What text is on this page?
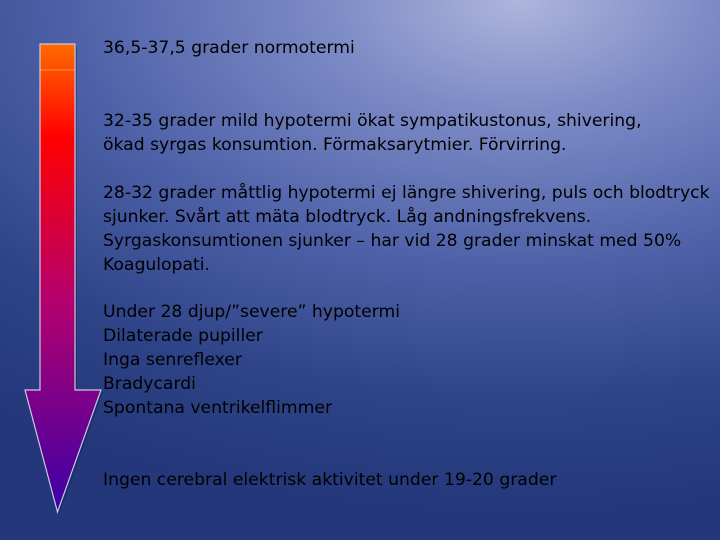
36,5-37,5 grader normotermi

32-35 grader mild hypotermi ökat sympatikustonus, shivering,
ökad syrgas konsumtion. Förmaksarytmier. Förvirring.

28-32 grader måttlig hypotermi ej längre shivering, puls och blodtryck
sjunker. Svårt att mäta blodtryck. Låg andningsfrekvens.
Syrgaskonsumtionen sjunker – har vid 28 grader minskat med 50%
Koagulopati.

Under 28 djup/”severe” hypotermi
Dilaterade pupiller
Inga senreflexer
Bradycardi
Spontana ventrikelflimmer

Ingen cerebral elektrisk aktivitet under 19-20 grader
